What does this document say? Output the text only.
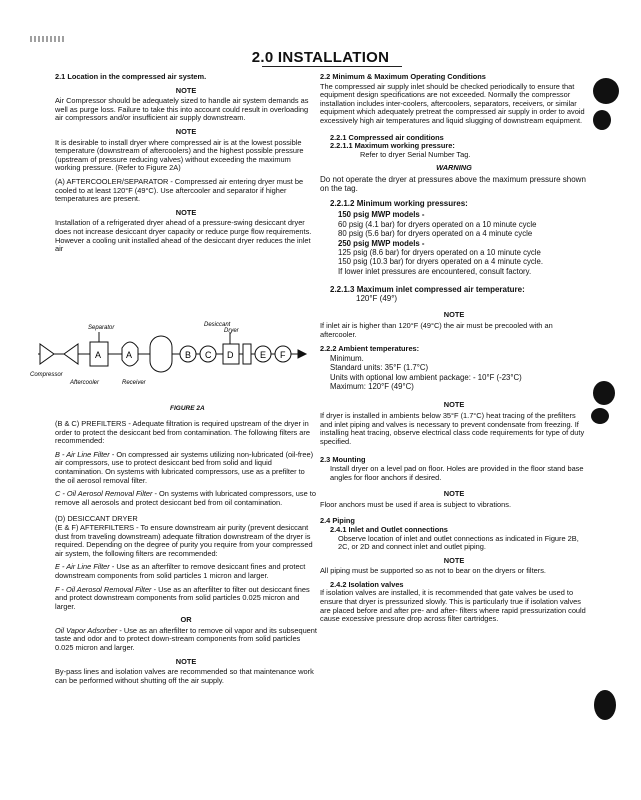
2.0 INSTALLATION

2.1 Location in the compressed air system.

NOTE

Air Compressor should be adequately sized to handle air system demands as well as purge loss. Failure to take this into account could result in overloading air compressors and/or insufficient air supply downstream.

NOTE

It is desirable to install dryer where compressed air is at the lowest possible temperature (downstream of aftercoolers) and the highest possible pressure (upstream of pressure reducing valves) without exceeding the maximum working pressure. (Refer to Figure 2A)

(A) AFTERCOOLER/SEPARATOR - Compressed air entering dryer must be cooled to at least 120°F (49°C). Use aftercooler and separator if higher temperatures are present.

NOTE

Installation of a refrigerated dryer ahead of a pressure-swing desiccant dryer does not increase desiccant dryer capacity or reduce purge flow requirements. However a cooling unit installed ahead of the desiccant dryer reduces the inlet air

Separator	Desiccant
Dryer
Compressor
Aftercooler	Receiver
A	A	B C D	E F
FIGURE 2A

(B & C) PREFILTERS - Adequate filtration is required upstream of the dryer in order to protect the desiccant bed from contamination. The following filters are recommended:

B - Air Line Filter - On compressed air systems utilizing non-lubricated (oil-free) air compressors, use to protect desiccant bed from solid and liquid contamination. On systems with lubricated compressors, use as a prefilter to the oil aerosol removal filter.

C - Oil Aerosol Removal Filter - On systems with lubricated compressors, use to remove all aerosols and protect desiccant bed from oil contamination.

(D) DESICCANT DRYER

(E & F) AFTERFILTERS - To ensure downstream air purity (prevent desiccant dust from traveling downstream) adequate filtration downstream of the dryer is required. Depending on the degree of purity you require from your compressed air system, the following filters are recommended:

E - Air Line Filter - Use as an afterfilter to remove desiccant fines and protect downstream components from solid particles 1 micron and larger.

F - Oil Aerosol Removal Filter - Use as an afterfilter to filter out desiccant fines and protect downstream components from solid particles 0.025 micron and larger.

OR

Oil Vapor Adsorber - Use as an afterfilter to remove oil vapor and its subsequent taste and odor and to protect down-stream components from solid particles 0.025 micron and larger.

NOTE

By-pass lines and isolation valves are recommended so that maintenance work can be performed without shutting off the air supply.

2.2 Minimum & Maximum Operating Conditions

The compressed air supply inlet should be checked periodically to ensure that equipment design specifications are not exceeded. Normally the compressor installation includes inter-coolers, aftercoolers, separators, receivers, or similar equipment which adequately pretreat the compressed air supply in order to avoid excessively high air temperatures and liquid slugging of downstream equipment.

2.2.1 Compressed air conditions

2.2.1.1 Maximum working pressure:

Refer to dryer Serial Number Tag.

WARNING

Do not operate the dryer at pressures above the maximum pressure shown on the tag.

2.2.1.2 Minimum working pressures:

150 psig MWP models -
60 psig (4.1 bar) for dryers operated on a 10 minute cycle
80 psig (5.6 bar) for dryers operated on a 4 minute cycle
250 psig MWP models -
125 psig (8.6 bar) for dryers operated on a 10 minute cycle
150 psig (10.3 bar) for dryers operated on a 4 minute cycle.
If lower inlet pressures are encountered, consult factory.

2.2.1.3 Maximum inlet compressed air temperature:

120°F (49°)

NOTE

If inlet air is higher than 120°F (49°C) the air must be precooled with an aftercooler.

2.2.2 Ambient temperatures:

Minimum.
Standard units: 35°F (1.7°C)
Units with optional low ambient package: - 10°F (-23°C)
Maximum: 120°F (49°C)
NOTE

If dryer is installed in ambients below 35°F (1.7°C) heat tracing of the prefilters and inlet piping and valves is necessary to prevent condensate from freezing. If installing heat tracing, observe electrical class code requirements for type of duty specified.

2.3 Mounting

Install dryer on a level pad on floor. Holes are provided in the floor stand base angles for floor anchors if desired.

NOTE

Floor anchors must be used if area is subject to vibrations.

2.4 Piping

2.4.1 Inlet and Outlet connections

Observe location of inlet and outlet connections as indicated in Figure 2B, 2C, or 2D and connect inlet and outlet piping.

NOTE

All piping must be supported so as not to bear on the dryers or filters.

2.4.2 Isolation valves

If isolation valves are installed, it is recommended that gate valves be used to ensure that dryer is pressurized slowly. This is particularly true if isolation valves are placed before and after pre- and after- filters where rapid pressurization could cause excessive pressure drop across filter cartridges.
